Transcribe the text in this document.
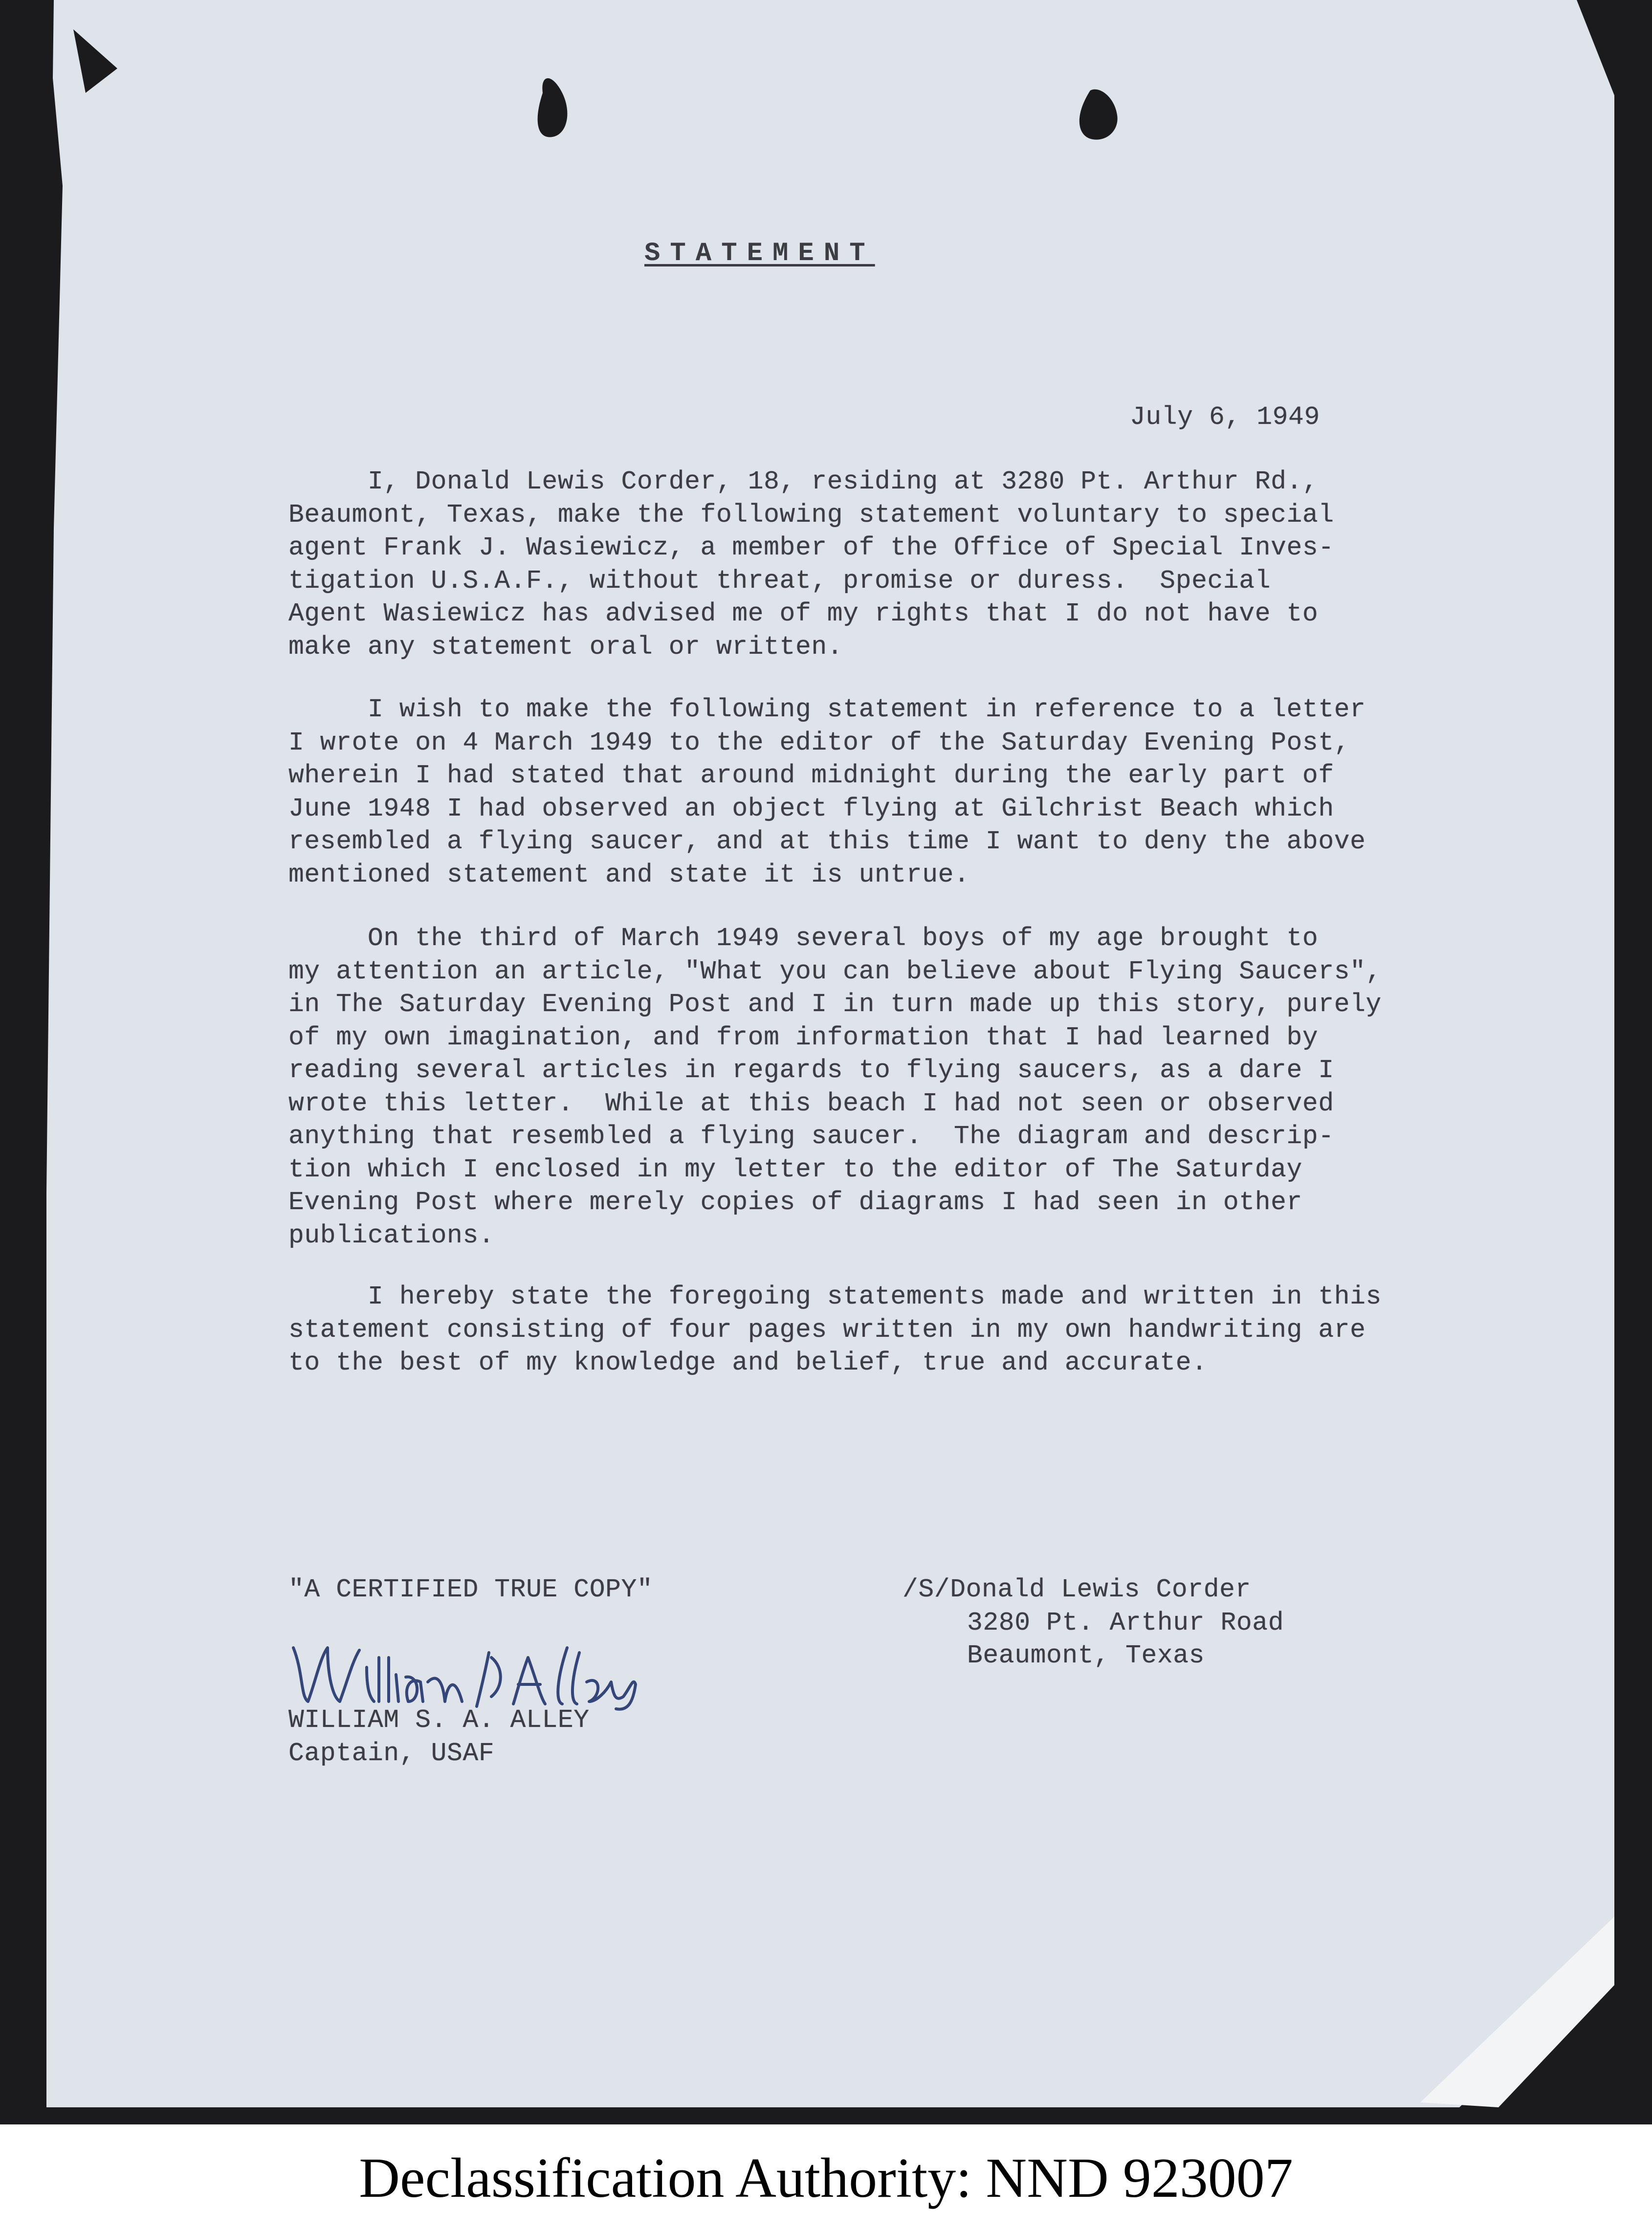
STATEMENT
July 6, 1949
I, Donald Lewis Corder, 18, residing at 3280 Pt. Arthur Rd.,
Beaumont, Texas, make the following statement voluntary to special
agent Frank J. Wasiewicz, a member of the Office of Special Inves-
tigation U.S.A.F., without threat, promise or duress.  Special
Agent Wasiewicz has advised me of my rights that I do not have to
make any statement oral or written.
I wish to make the following statement in reference to a letter
I wrote on 4 March 1949 to the editor of the Saturday Evening Post,
wherein I had stated that around midnight during the early part of
June 1948 I had observed an object flying at Gilchrist Beach which
resembled a flying saucer, and at this time I want to deny the above
mentioned statement and state it is untrue.
On the third of March 1949 several boys of my age brought to
my attention an article, "What you can believe about Flying Saucers",
in The Saturday Evening Post and I in turn made up this story, purely
of my own imagination, and from information that I had learned by
reading several articles in regards to flying saucers, as a dare I
wrote this letter.  While at this beach I had not seen or observed
anything that resembled a flying saucer.  The diagram and descrip-
tion which I enclosed in my letter to the editor of The Saturday
Evening Post where merely copies of diagrams I had seen in other
publications.
I hereby state the foregoing statements made and written in this
statement consisting of four pages written in my own handwriting are
to the best of my knowledge and belief, true and accurate.
"A CERTIFIED TRUE COPY"
William S. A. Alley
WILLIAM S. A. ALLEY
Captain, USAF
/S/Donald Lewis Corder
3280 Pt. Arthur Road
Beaumont, Texas
Declassification Authority: NND 923007
